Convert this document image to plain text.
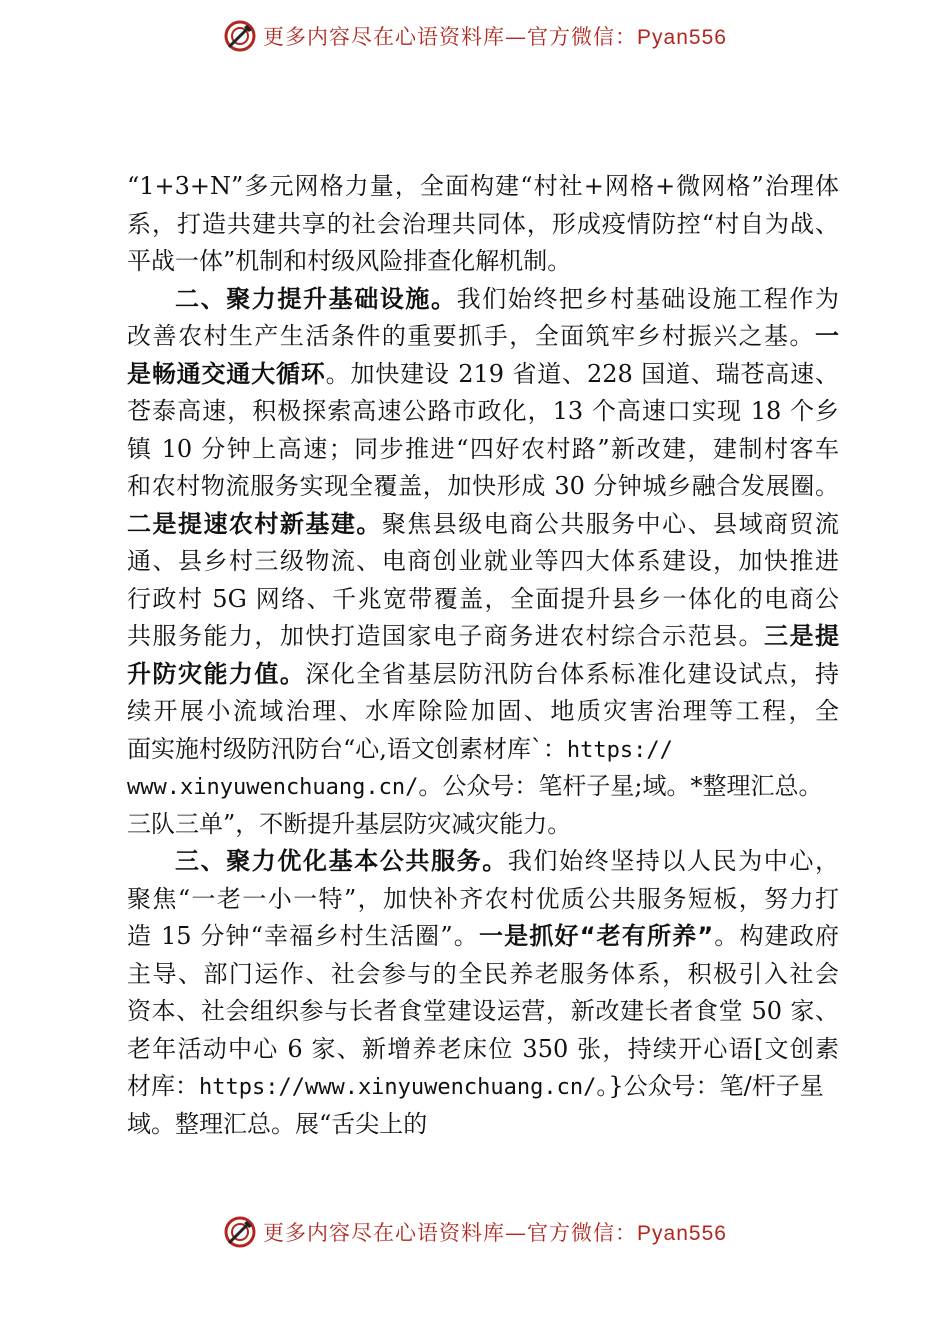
更多内容尽在心语资料库—官方微信：Pyan556
“1+3+N”多元网格力量，全面构建“村社+网格+微网格”治理体
系，打造共建共享的社会治理共同体，形成疫情防控“村自为战、
平战一体”机制和村级风险排查化解机制。
二、聚力提升基础设施。我们始终把乡村基础设施工程作为
改善农村生产生活条件的重要抓手，全面筑牢乡村振兴之基。一
是畅通交通大循环。加快建设 219 省道、228 国道、瑞苍高速、
苍泰高速，积极探索高速公路市政化，13 个高速口实现 18 个乡
镇 10 分钟上高速；同步推进“四好农村路”新改建，建制村客车
和农村物流服务实现全覆盖，加快形成 30 分钟城乡融合发展圈。
二是提速农村新基建。聚焦县级电商公共服务中心、县域商贸流
通、县乡村三级物流、电商创业就业等四大体系建设，加快推进
行政村 5G 网络、千兆宽带覆盖，全面提升县乡一体化的电商公
共服务能力，加快打造国家电子商务进农村综合示范县。三是提
升防灾能力值。深化全省基层防汛防台体系标准化建设试点，持
续开展小流域治理、水库除险加固、地质灾害治理等工程，全
面实施村级防汛防台“心,语文创素材库`：https://
www.xinyuwenchuang.cn/。公众号：笔杆子星;域。*整理汇总。
三队三单”，不断提升基层防灾减灾能力。
三、聚力优化基本公共服务。我们始终坚持以人民为中心，
聚焦“一老一小一特”，加快补齐农村优质公共服务短板，努力打
造 15 分钟“幸福乡村生活圈”。一是抓好“老有所养”。构建政府
主导、部门运作、社会参与的全民养老服务体系，积极引入社会
资本、社会组织参与长者食堂建设运营，新改建长者食堂 50 家、
老年活动中心 6 家、新增养老床位 350 张，持续开心语[文创素
材库：https://www.xinyuwenchuang.cn/。}公众号：笔/杆子星
域。整理汇总。展“舌尖上的
更多内容尽在心语资料库—官方微信：Pyan556
